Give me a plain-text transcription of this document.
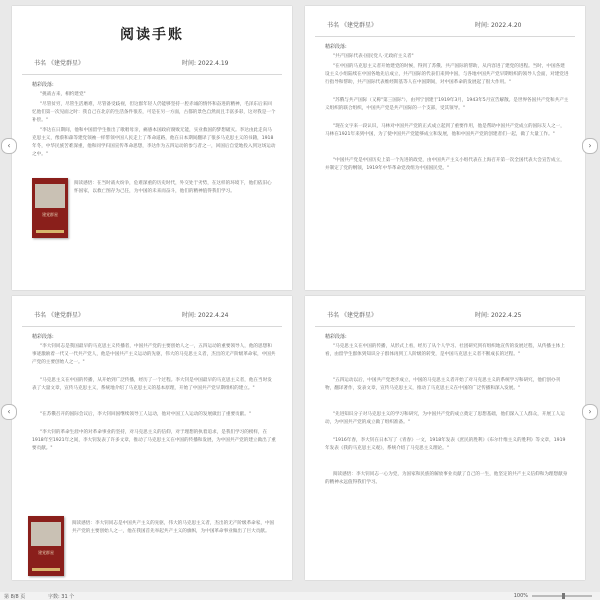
阅读手账
书名 《建党群星》	时间: 2022.4.19
精彩段落:
"挑战古来，相约建党"
"尽管贫穷，尽管生活磨难，尽管备受歧视，但这群年轻人仍能够坚持一腔赤诚的情怀和奋进的精神，毛泽东后来回忆他们第一次见面之时：我自己在北京的生活条件很差，可是在另一方面，古都的景色自然而且丰富多彩，这对我是一个补偿。"
"李达在日期间，他和中国留学生推出了歌唱母亲，痛感本国政府腐败无能，实业救国的梦想破灭。李达由此走向马克思主义，像蔡和森等建党领袖一样带领中国人民走上了革命道路，他在日本期间翻译了很多马克思主义的书籍，1918年冬，中华民族苦难深重，他和同学归国宣传革命思想，李达作为五四运动的参与者之一，回国后自觉地投入到这场运动之中。"
建党群星
阅读感悟：在当时战火纷争，危难深重的历史时代，外交处于劣势，在这样的环境下，他们依旧心怀国家，以救亡图存为己任，为中国的未来而奋斗，他们的精神值得我们学习。
书名 《建党群星》	时间: 2022.4.20
精彩段落:
"共产国际代表·国民党人·无政府主义者"
"在中国的马克思主义者开始建党的时候，得到了苏俄、共产国际的帮助，从内容进了建党的进程。当时，中国各建设主义小组陆续在中国各地先后成立，共产国际的代表们来到中国，与各地中国共产党早期组织的领导人会面，对建党进行指导和帮助，共产国际代表维经斯基等人在中国期间，对中国革命的发展起了很大作用。"
"苏俄与共产国际（又称"第三国际"），由列宁创建于1919年3月，1943年5月宣告解散。是世界各国共产党和共产主义组织的联合组织，中国共产党是共产国际的一个支部，受其领导。"
"现在文字来一段认识，马林对中国共产党的正式成立起到了重要作用，他是帮助中国共产党成立的国际友人之一，马林在1921年来到中国，为了使中国共产党能够成立和发展，他和中国共产党的创建者们一起，做了大量工作。"
"中国共产党是中国历史上第一个先进的政党，由中国共产主义小组代表在上海召开第一次全国代表大会宣告成立，并制定了党的纲领，1919年中华革命党改组为中国国民党。"
书名 《建党群星》	时间: 2022.4.24
精彩段落:
"李大钊同志是我国最早的马克思主义传播者，中国共产党的主要创始人之一，五四运动的重要领导人，他的思想和事迹激励着一代又一代共产党人，他是中国共产主义运动的先驱，伟大的马克思主义者，杰出的无产阶级革命家，中国共产党的主要创始人之一。"
"马克思主义在中国的传播，从开始到广泛传播，经历了一个过程。李大钊是中国最早的马克思主义者，他在当时发表了大量文章，宣传马克思主义，系统地介绍了马克思主义的基本原理，开始了中国共产党早期组织的建立。"
"在苏俄召开的国际会议后，李大钊回国继续领导工人运动，他对中国工人运动的发展做出了重要贡献。"
"李大钊的革命生涯中的对革命事业的坚持，对马克思主义的信仰，对于理想的执着追求，是我们学习的榜样，在1918年至1921年之间，李大钊发表了许多文章，推动了马克思主义在中国的传播和发展，为中国共产党的建立做出了重要贡献。"
建党群星
阅读感悟：李大钊同志是中国共产主义的先驱，伟大的马克思主义者，杰出的无产阶级革命家，中国共产党的主要创始人之一，他在我国首先举起共产主义的旗帜，为中国革命事业做出了巨大贡献。
书名 《建党群星》	时间: 2022.4.25
精彩段落:
"马克思主义在中国的传播，从形式上看，经历了从个人学习、社团研究到有组织地宣传的发展过程，从传播主体上看，由留学生群体到知识分子群体再到工人阶级的转变，是中国马克思主义者不断成长的过程。"
"五四运动以后，中国共产党逐步成立，中国的马克思主义者开始了对马克思主义的系统学习和研究，他们创办刊物，翻译著作，发表文章，宣传马克思主义，推动了马克思主义在中国的广泛传播和深入发展。"
"先进知识分子对马克思主义的学习和研究，为中国共产党的成立奠定了思想基础，他们深入工人群众，开展工人运动，为中国共产党的成立做了组织准备。"
"1916年春，李大钊在日本写了《青春》一文，1918年发表《庶民的胜利》《布尔什维主义的胜利》等文章，1919年发表《我的马克思主义观》，系统介绍了马克思主义理论。"
阅读感悟：李大钊同志一心为党，为国家和民族的解放事业贡献了自己的一生，他坚定的共产主义信仰和为理想献身的精神永远值得我们学习。
‹	›
‹	›
第 8/8 页	字数: 31 个	100%
